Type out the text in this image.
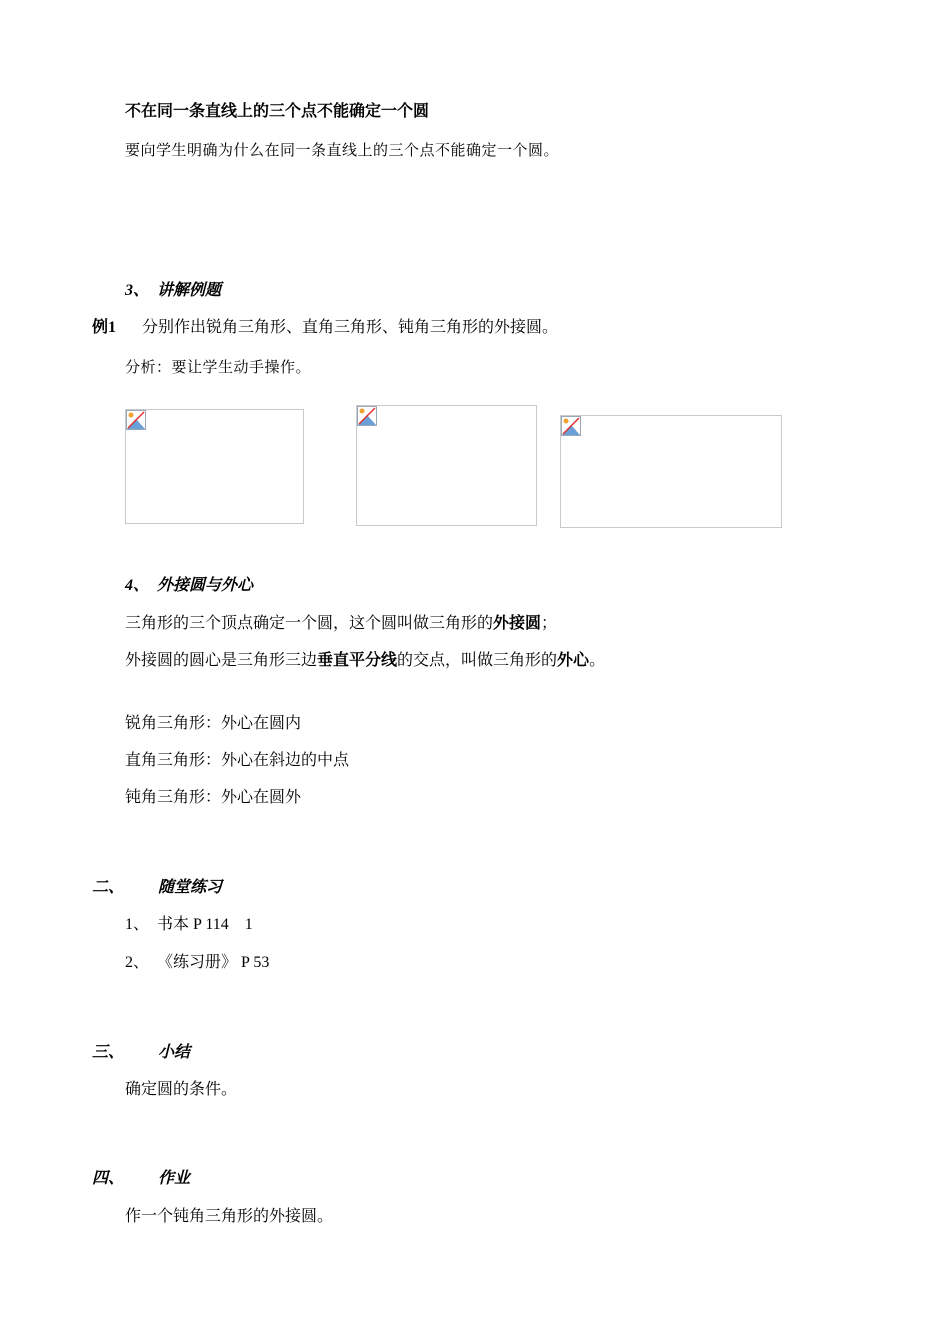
不在同一条直线上的三个点不能确定一个圆
要向学生明确为什么在同一条直线上的三个点不能确定一个圆。
3、 讲解例题
例1 分别作出锐角三角形、直角三角形、钝角三角形的外接圆。
分析：要让学生动手操作。
4、 外接圆与外心
三角形的三个顶点确定一个圆，这个圆叫做三角形的外接圆；
外接圆的圆心是三角形三边垂直平分线的交点，叫做三角形的外心。
锐角三角形：外心在圆内
直角三角形：外心在斜边的中点
钝角三角形：外心在圆外
二、 随堂练习
1、 书本 P 114　1
2、 《练习册》 P 53
三、 小结
确定圆的条件。
四、 作业
作一个钝角三角形的外接圆。
